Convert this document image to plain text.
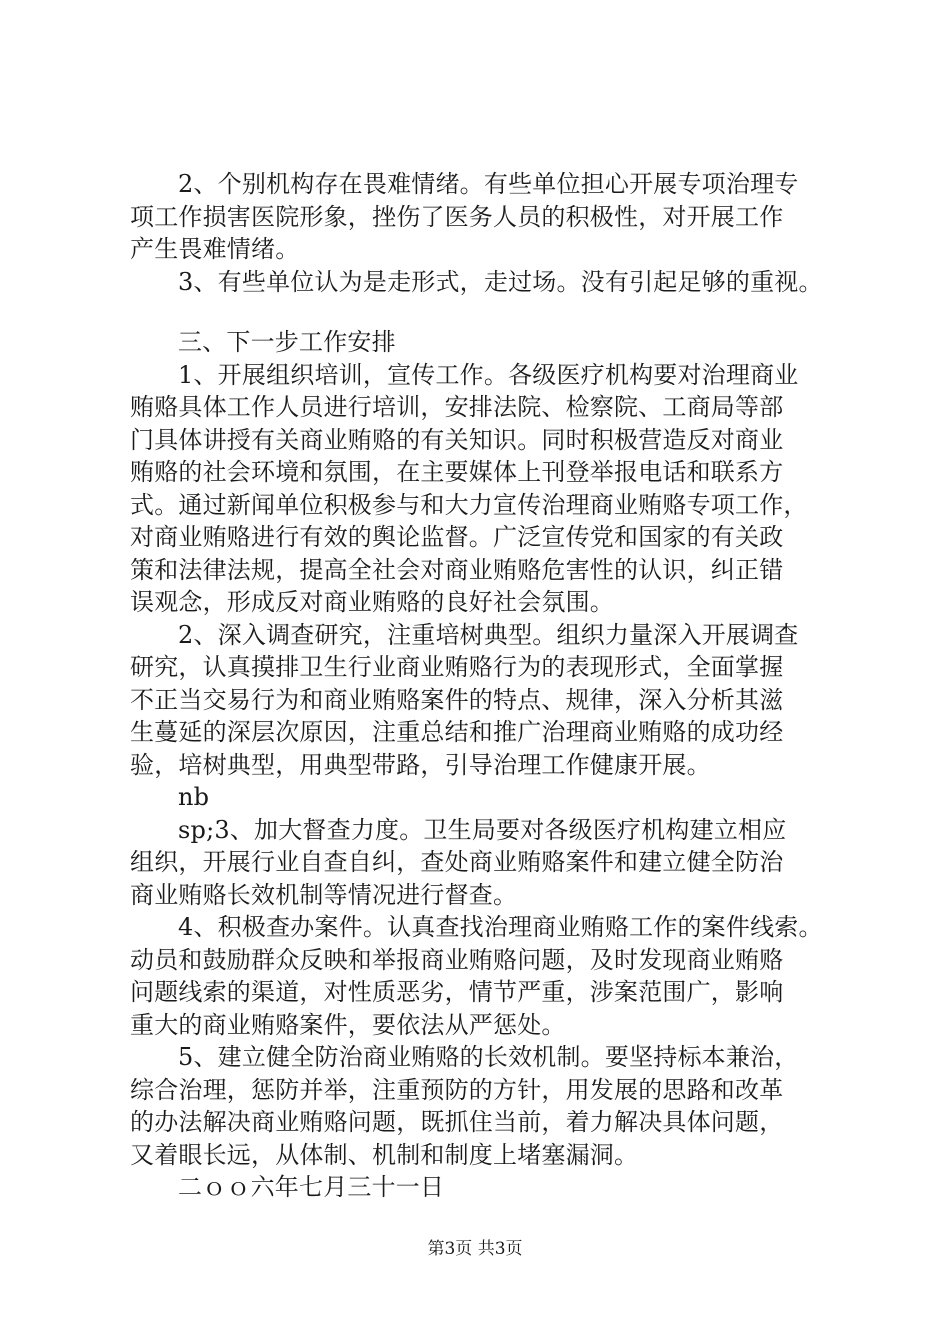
2、个别机构存在畏难情绪。有些单位担心开展专项治理专
项工作损害医院形象，挫伤了医务人员的积极性，对开展工作
产生畏难情绪。
3、有些单位认为是走形式，走过场。没有引起足够的重视。
三、下一步工作安排
1、开展组织培训，宣传工作。各级医疗机构要对治理商业
贿赂具体工作人员进行培训，安排法院、检察院、工商局等部
门具体讲授有关商业贿赂的有关知识。同时积极营造反对商业
贿赂的社会环境和氛围，在主要媒体上刊登举报电话和联系方
式。通过新闻单位积极参与和大力宣传治理商业贿赂专项工作，
对商业贿赂进行有效的舆论监督。广泛宣传党和国家的有关政
策和法律法规，提高全社会对商业贿赂危害性的认识，纠正错
误观念，形成反对商业贿赂的良好社会氛围。
2、深入调查研究，注重培树典型。组织力量深入开展调查
研究，认真摸排卫生行业商业贿赂行为的表现形式，全面掌握
不正当交易行为和商业贿赂案件的特点、规律，深入分析其滋
生蔓延的深层次原因，注重总结和推广治理商业贿赂的成功经
验，培树典型，用典型带路，引导治理工作健康开展。
nb
sp;3、加大督查力度。卫生局要对各级医疗机构建立相应
组织，开展行业自查自纠，查处商业贿赂案件和建立健全防治
商业贿赂长效机制等情况进行督查。
4、积极查办案件。认真查找治理商业贿赂工作的案件线索。
动员和鼓励群众反映和举报商业贿赂问题，及时发现商业贿赂
问题线索的渠道，对性质恶劣，情节严重，涉案范围广，影响
重大的商业贿赂案件，要依法从严惩处。
5、建立健全防治商业贿赂的长效机制。要坚持标本兼治，
综合治理，惩防并举，注重预防的方针，用发展的思路和改革
的办法解决商业贿赂问题，既抓住当前，着力解决具体问题，
又着眼长远，从体制、机制和制度上堵塞漏洞。
二ｏｏ六年七月三十一日
第3页 共3页
